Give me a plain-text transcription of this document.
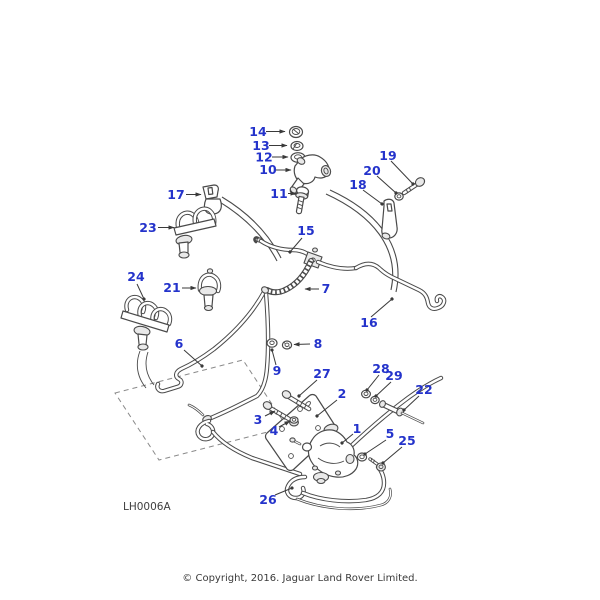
14
13
12
10
11
19
20
18
17
23	15
7
16
24
21
6	8
9	27
2
3
4
28
29
22
1 5 25
26
LH0006A
© Copyright, 2016. Jaguar Land Rover Limited.
